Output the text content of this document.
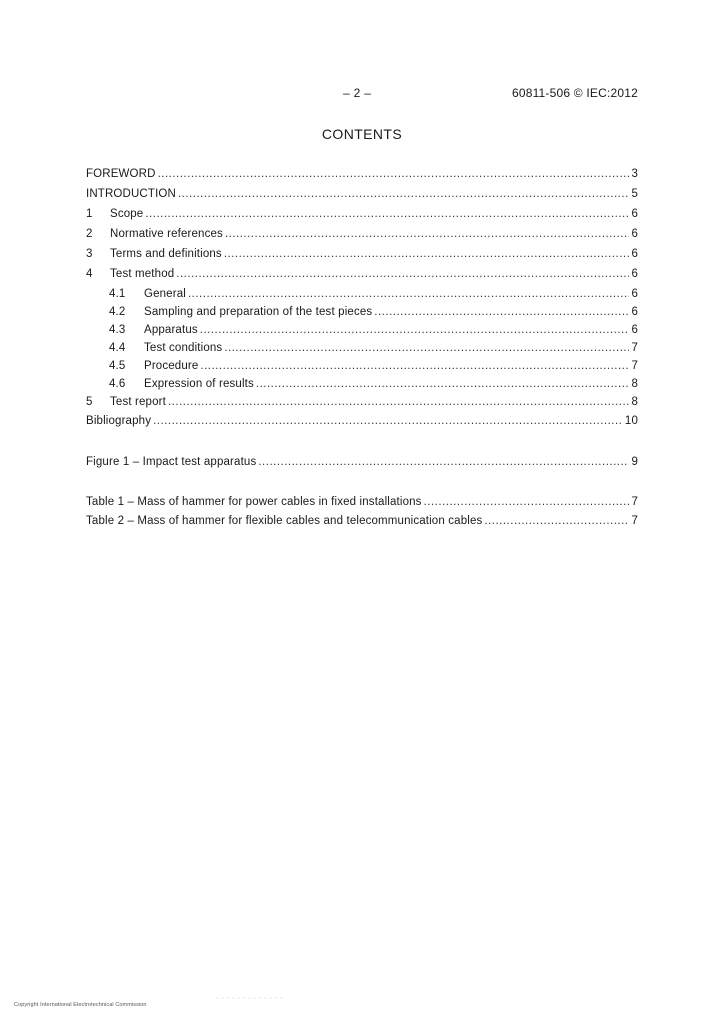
– 2 –	60811-506 © IEC:2012
CONTENTS
FOREWORD .....	3
INTRODUCTION .....	5
1	Scope .....	6
2	Normative references .....	6
3	Terms and definitions .....	6
4	Test method .....	6
4.1	General .....	6
4.2	Sampling and preparation of the test pieces .....	6
4.3	Apparatus .....	6
4.4	Test conditions .....	7
4.5	Procedure .....	7
4.6	Expression of results .....	8
5	Test report .....	8
Bibliography .....	10
Figure 1 – Impact test apparatus .....	9
Table 1 – Mass of hammer for power cables in fixed installations .....	7
Table 2 – Mass of hammer for flexible cables and telecommunication cables .....	7
~ ~ ~ ~ ~ ~ ~ ~ ~ ~ ~ ~ ~
Copyright International Electrotechnical Commission
